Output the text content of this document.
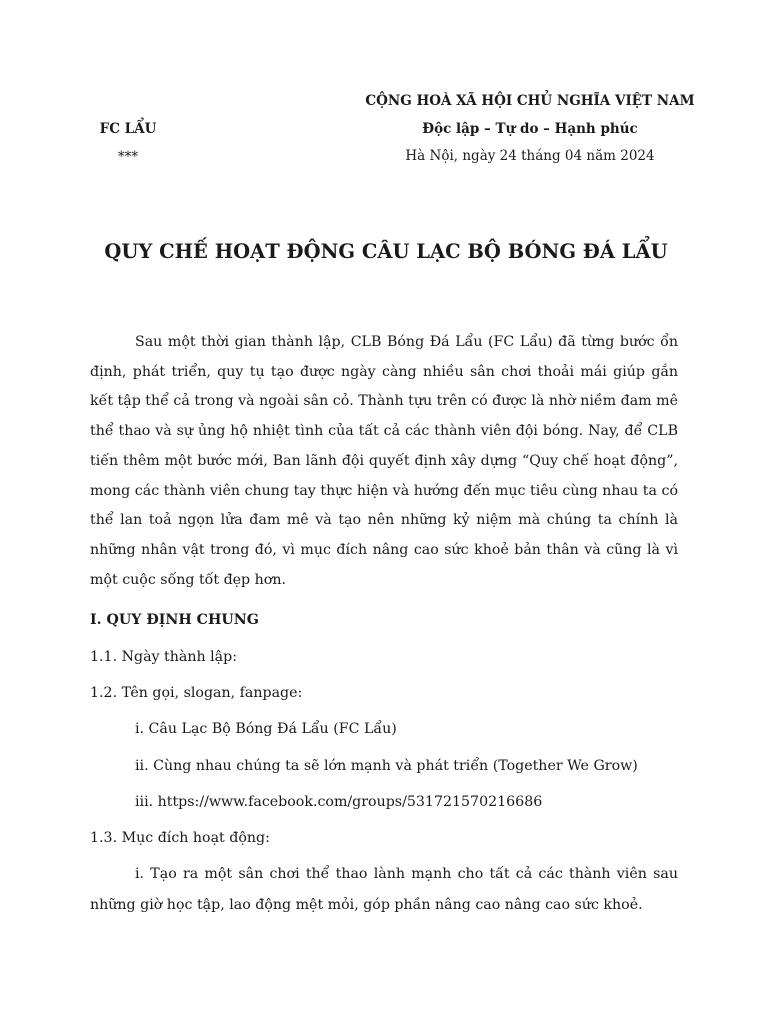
CỘNG HOÀ XÃ HỘI CHỦ NGHĨA VIỆT NAM
Độc lập – Tự do – Hạnh phúc
Hà Nội, ngày 24 tháng 04 năm 2024
FC LẨU
***
QUY CHẾ HOẠT ĐỘNG CÂU LẠC BỘ BÓNG ĐÁ LẨU

Sau một thời gian thành lập, CLB Bóng Đá Lẩu (FC Lẩu) đã từng bước ổn định, phát triển, quy tụ tạo được ngày càng nhiều sân chơi thoải mái giúp gắn kết tập thể cả trong và ngoài sân cỏ. Thành tựu trên có được là nhờ niềm đam mê thể thao và sự ủng hộ nhiệt tình của tất cả các thành viên đội bóng. Nay, để CLB tiến thêm một bước mới, Ban lãnh đội quyết định xây dựng “Quy chế hoạt động”, mong các thành viên chung tay thực hiện và hướng đến mục tiêu cùng nhau ta có thể lan toả ngọn lửa đam mê và tạo nên những kỷ niệm mà chúng ta chính là những nhân vật trong đó, vì mục đích nâng cao sức khoẻ bản thân và cũng là vì một cuộc sống tốt đẹp hơn.

I. QUY ĐỊNH CHUNG
1.1. Ngày thành lập:
1.2. Tên gọi, slogan, fanpage:
i. Câu Lạc Bộ Bóng Đá Lẩu (FC Lẩu)
ii. Cùng nhau chúng ta sẽ lớn mạnh và phát triển (Together We Grow)
iii. https://www.facebook.com/groups/531721570216686
1.3. Mục đích hoạt động:

i. Tạo ra một sân chơi thể thao lành mạnh cho tất cả các thành viên sau những giờ học tập, lao động mệt mỏi, góp phần nâng cao nâng cao sức khoẻ.
